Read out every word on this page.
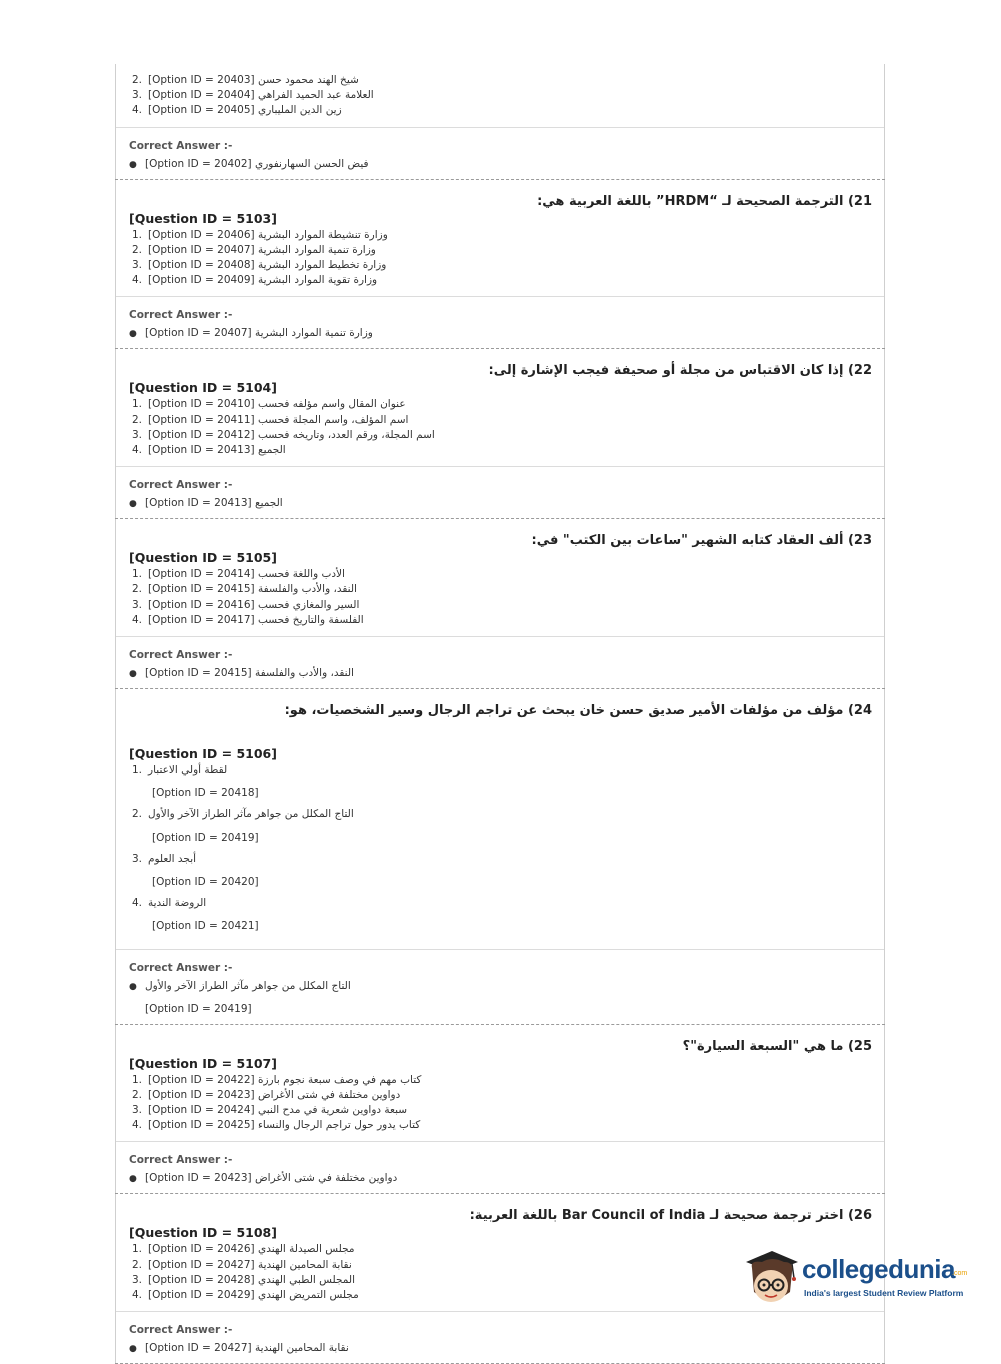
2. شيخ الهند محمود حسن [Option ID = 20403]
3. العلامة عبد الحميد الفراهي [Option ID = 20404]
4. زين الدين المليباري [Option ID = 20405]
Correct Answer :-
● فيض الحسن السهارنفوري [Option ID = 20402]
21) الترجمة الصحيحة لـ “HRDM” باللغة العربية هي:
[Question ID = 5103]
1. وزارة تنشيطة الموارد البشرية [Option ID = 20406]
2. وزارة تنمية الموارد البشرية [Option ID = 20407]
3. وزارة تخطيط الموارد البشرية [Option ID = 20408]
4. وزارة تقوية الموارد البشرية [Option ID = 20409]
Correct Answer :-
● وزارة تنمية الموارد البشرية [Option ID = 20407]
22) إذا كان الاقتباس من مجلة أو صحيفة فيجب الإشارة إلى:
[Question ID = 5104]
1. عنوان المقال واسم مؤلفه فحسب [Option ID = 20410]
2. اسم المؤلف، واسم المجلة فحسب [Option ID = 20411]
3. اسم المجلة، ورقم العدد، وتاريخه فحسب [Option ID = 20412]
4. الجميع [Option ID = 20413]
Correct Answer :-
● الجميع [Option ID = 20413]
23) ألف العقاد كتابه الشهير "ساعات بين الكتب" في:
[Question ID = 5105]
1. الأدب واللغة فحسب [Option ID = 20414]
2. النقد، والأدب والفلسفة [Option ID = 20415]
3. السير والمغازي فحسب [Option ID = 20416]
4. الفلسفة والتاريخ فحسب [Option ID = 20417]
Correct Answer :-
● النقد، والأدب والفلسفة [Option ID = 20415]
24) مؤلف من مؤلفات الأمير صديق حسن خان يبحث عن تراجم الرجال وسير الشخصيات، هو:
[Question ID = 5106]
1. لقطة أولي الاعتبار
[Option ID = 20418]
2. التاج المكلل من جواهر مآثر الطراز الآخر والأول
[Option ID = 20419]
3. أبجد العلوم
[Option ID = 20420]
4. الروضة الندية
[Option ID = 20421]
Correct Answer :-
● التاج المكلل من جواهر مآثر الطراز الآخر والأول
[Option ID = 20419]
25) ما هي "السبعة السيارة"؟
[Question ID = 5107]
1. كتاب مهم في وصف سبعة نجوم بارزة [Option ID = 20422]
2. دواوين مختلفة في شتى الأغراض [Option ID = 20423]
3. سبعة دواوين شعرية في مدح النبي [Option ID = 20424]
4. كتاب يدور حول تراجم الرجال والنساء [Option ID = 20425]
Correct Answer :-
● دواوين مختلفة في شتى الأغراض [Option ID = 20423]
26) اختر ترجمة صحيحة لـ Bar Council of India باللغة العربية:
[Question ID = 5108]
1. مجلس الصيدلة الهندي [Option ID = 20426]
2. نقابة المحامين الهندية [Option ID = 20427]
3. المجلس الطبي الهندي [Option ID = 20428]
4. مجلس التمريض الهندي [Option ID = 20429]
Correct Answer :-
● نقابة المحامين الهندية [Option ID = 20427]
collegedunia
.com
India's largest Student Review Platform
